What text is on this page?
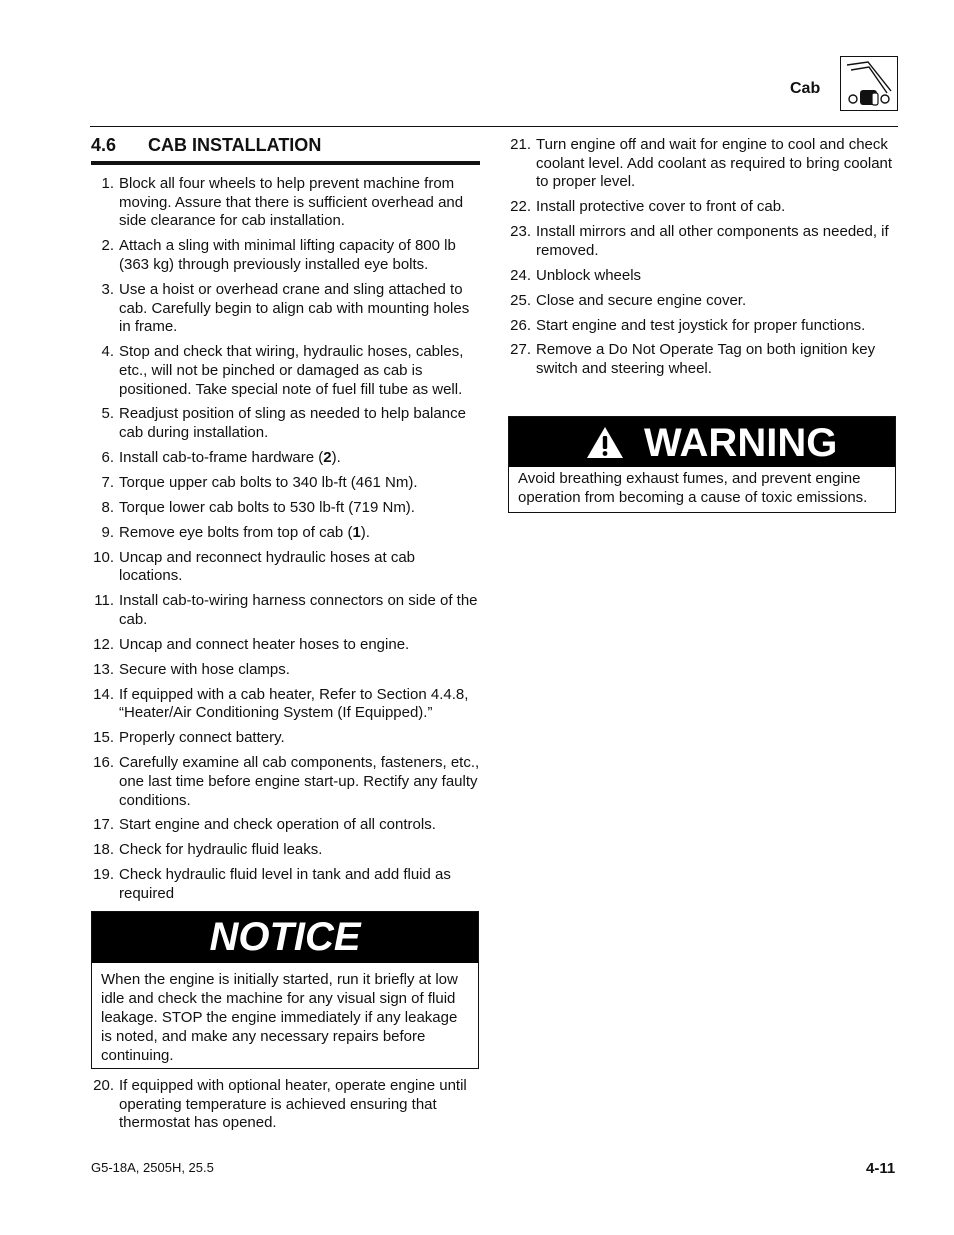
Cab
4.6 CAB INSTALLATION
1. Block all four wheels to help prevent machine from moving. Assure that there is sufficient overhead and side clearance for cab installation.
2. Attach a sling with minimal lifting capacity of 800 lb (363 kg) through previously installed eye bolts.
3. Use a hoist or overhead crane and sling attached to cab. Carefully begin to align cab with mounting holes in frame.
4. Stop and check that wiring, hydraulic hoses, cables, etc., will not be pinched or damaged as cab is positioned. Take special note of fuel fill tube as well.
5. Readjust position of sling as needed to help balance cab during installation.
6. Install cab-to-frame hardware (2).
7. Torque upper cab bolts to 340 lb-ft (461 Nm).
8. Torque lower cab bolts to 530 lb-ft (719 Nm).
9. Remove eye bolts from top of cab (1).
10. Uncap and reconnect hydraulic hoses at cab locations.
11. Install cab-to-wiring harness connectors on side of the cab.
12. Uncap and connect heater hoses to engine.
13. Secure with hose clamps.
14. If equipped with a cab heater, Refer to Section 4.4.8, “Heater/Air Conditioning System (If Equipped).”
15. Properly connect battery.
16. Carefully examine all cab components, fasteners, etc., one last time before engine start-up. Rectify any faulty conditions.
17. Start engine and check operation of all controls.
18. Check for hydraulic fluid leaks.
19. Check hydraulic fluid level in tank and add fluid as required
NOTICE
When the engine is initially started, run it briefly at low idle and check the machine for any visual sign of fluid leakage. STOP the engine immediately if any leakage is noted, and make any necessary repairs before continuing.
20. If equipped with optional heater, operate engine until operating temperature is achieved ensuring that thermostat has opened.
21. Turn engine off and wait for engine to cool and check coolant level. Add coolant as required to bring coolant to proper level.
22. Install protective cover to front of cab.
23. Install mirrors and all other components as needed, if removed.
24. Unblock wheels
25. Close and secure engine cover.
26. Start engine and test joystick for proper functions.
27. Remove a Do Not Operate Tag on both ignition key switch and steering wheel.
WARNING
Avoid breathing exhaust fumes, and prevent engine operation from becoming a cause of toxic emissions.
G5-18A, 2505H, 25.5	4-11
